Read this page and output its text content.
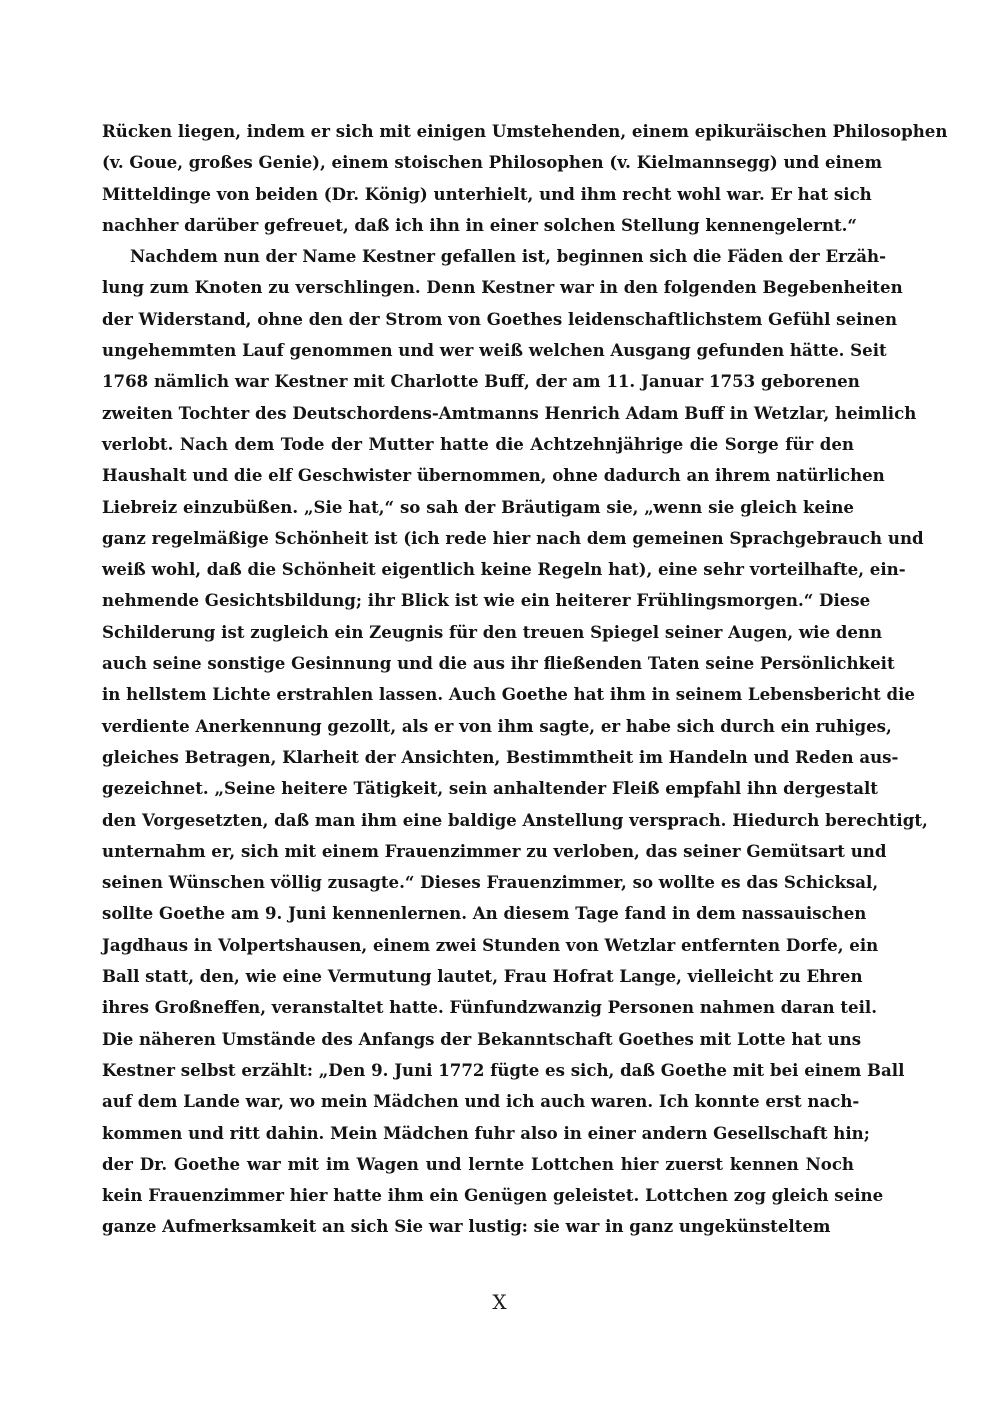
Rücken liegen, indem er sich mit einigen Umstehenden, einem epikuräischen Philosophen
(v. Goue, großes Genie), einem stoischen Philosophen (v. Kielmannsegg) und einem
Mitteldinge von beiden (Dr. König) unterhielt, und ihm recht wohl war. Er hat sich
nachher darüber gefreuet, daß ich ihn in einer solchen Stellung kennengelernt.“
Nachdem nun der Name Kestner gefallen ist, beginnen sich die Fäden der Erzäh-
lung zum Knoten zu verschlingen. Denn Kestner war in den folgenden Begebenheiten
der Widerstand, ohne den der Strom von Goethes leidenschaftlichstem Gefühl seinen
ungehemmten Lauf genommen und wer weiß welchen Ausgang gefunden hätte. Seit
1768 nämlich war Kestner mit Charlotte Buff, der am 11. Januar 1753 geborenen
zweiten Tochter des Deutschordens-Amtmanns Henrich Adam Buff in Wetzlar, heimlich
verlobt. Nach dem Tode der Mutter hatte die Achtzehnjährige die Sorge für den
Haushalt und die elf Geschwister übernommen, ohne dadurch an ihrem natürlichen
Liebreiz einzubüßen. „Sie hat,“ so sah der Bräutigam sie, „wenn sie gleich keine
ganz regelmäßige Schönheit ist (ich rede hier nach dem gemeinen Sprachgebrauch und
weiß wohl, daß die Schönheit eigentlich keine Regeln hat), eine sehr vorteilhafte, ein-
nehmende Gesichtsbildung; ihr Blick ist wie ein heiterer Frühlingsmorgen.“ Diese
Schilderung ist zugleich ein Zeugnis für den treuen Spiegel seiner Augen, wie denn
auch seine sonstige Gesinnung und die aus ihr fließenden Taten seine Persönlichkeit
in hellstem Lichte erstrahlen lassen. Auch Goethe hat ihm in seinem Lebensbericht die
verdiente Anerkennung gezollt, als er von ihm sagte, er habe sich durch ein ruhiges,
gleiches Betragen, Klarheit der Ansichten, Bestimmtheit im Handeln und Reden aus-
gezeichnet. „Seine heitere Tätigkeit, sein anhaltender Fleiß empfahl ihn dergestalt
den Vorgesetzten, daß man ihm eine baldige Anstellung versprach. Hiedurch berechtigt,
unternahm er, sich mit einem Frauenzimmer zu verloben, das seiner Gemütsart und
seinen Wünschen völlig zusagte.“ Dieses Frauenzimmer, so wollte es das Schicksal,
sollte Goethe am 9. Juni kennenlernen. An diesem Tage fand in dem nassauischen
Jagdhaus in Volpertshausen, einem zwei Stunden von Wetzlar entfernten Dorfe, ein
Ball statt, den, wie eine Vermutung lautet, Frau Hofrat Lange, vielleicht zu Ehren
ihres Großneffen, veranstaltet hatte. Fünfundzwanzig Personen nahmen daran teil.
Die näheren Umstände des Anfangs der Bekanntschaft Goethes mit Lotte hat uns
Kestner selbst erzählt: „Den 9. Juni 1772 fügte es sich, daß Goethe mit bei einem Ball
auf dem Lande war, wo mein Mädchen und ich auch waren. Ich konnte erst nach-
kommen und ritt dahin. Mein Mädchen fuhr also in einer andern Gesellschaft hin;
der Dr. Goethe war mit im Wagen und lernte Lottchen hier zuerst kennen Noch
kein Frauenzimmer hier hatte ihm ein Genügen geleistet. Lottchen zog gleich seine
ganze Aufmerksamkeit an sich Sie war lustig: sie war in ganz ungekünsteltem
X
